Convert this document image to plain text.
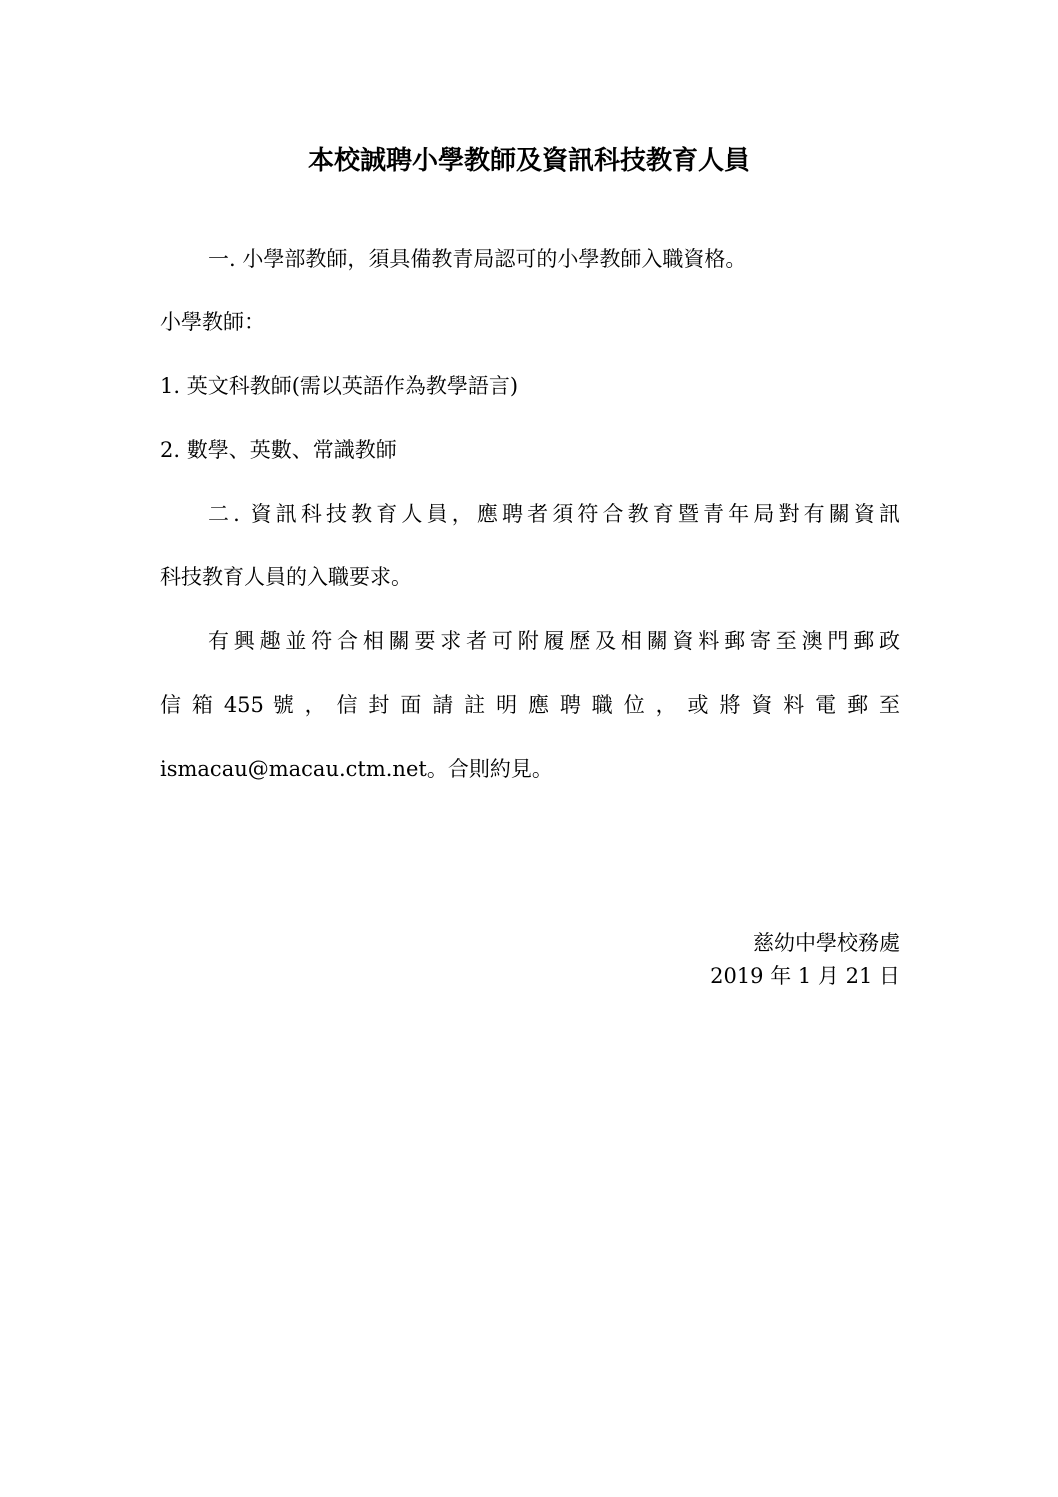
本校誠聘小學教師及資訊科技教育人員
一. 小學部教師，須具備教青局認可的小學教師入職資格。
小學教師：
1. 英文科教師(需以英語作為教學語言)
2. 數學、英數、常識教師
二. 資訊科技教育人員，應聘者須符合教育暨青年局對有關資訊
科技教育人員的入職要求。
有興趣並符合相關要求者可附履歷及相關資料郵寄至澳門郵政
信 箱 455 號 ， 信 封 面 請 註 明 應 聘 職 位 ， 或 將 資 料 電 郵 至
ismacau@macau.ctm.net。合則約見。
慈幼中學校務處
2019 年 1 月 21 日
